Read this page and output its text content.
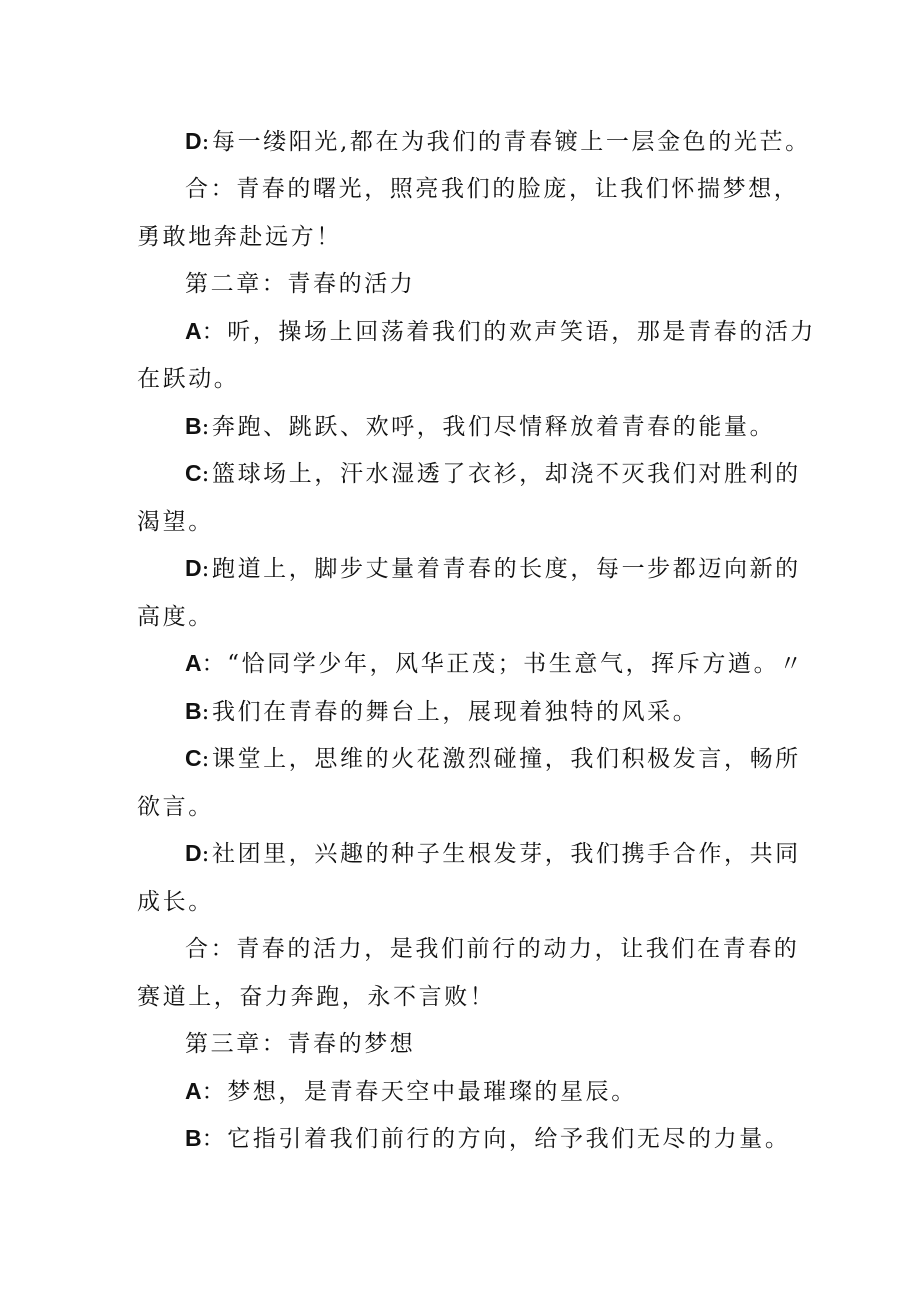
D:每一缕阳光,都在为我们的青春镀上一层金色的光芒。

合：青春的曙光，照亮我们的脸庞，让我们怀揣梦想，

勇敢地奔赴远方！

第二章：青春的活力

A：听，操场上回荡着我们的欢声笑语，那是青春的活力

在跃动。

B:奔跑、跳跃、欢呼，我们尽情释放着青春的能量。

C:篮球场上，汗水湿透了衣衫，却浇不灭我们对胜利的

渴望。

D:跑道上，脚步丈量着青春的长度，每一步都迈向新的

高度。

A：“恰同学少年，风华正茂；书生意气，挥斥方遒。〃

B:我们在青春的舞台上，展现着独特的风采。

C:课堂上，思维的火花激烈碰撞，我们积极发言，畅所

欲言。

D:社团里，兴趣的种子生根发芽，我们携手合作，共同

成长。

合：青春的活力，是我们前行的动力，让我们在青春的

赛道上，奋力奔跑，永不言败！

第三章：青春的梦想

A：梦想，是青春天空中最璀璨的星辰。

B：它指引着我们前行的方向，给予我们无尽的力量。
